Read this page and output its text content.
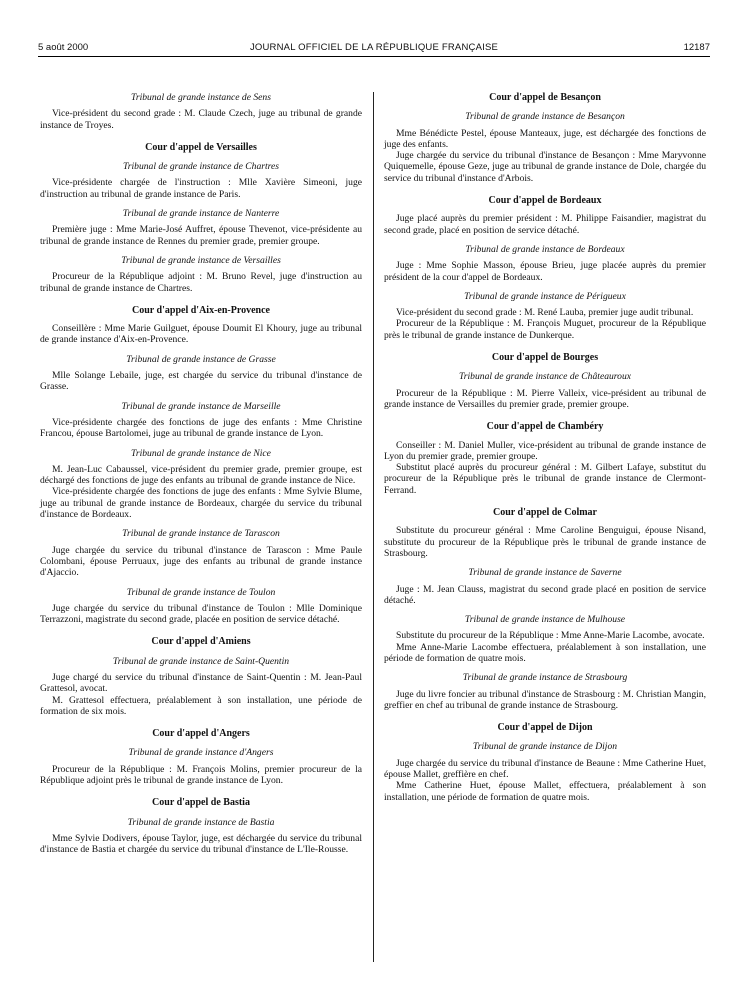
5 août 2000	JOURNAL OFFICIEL DE LA RÉPUBLIQUE FRANÇAISE	12187
Tribunal de grande instance de Sens
Vice-président du second grade : M. Claude Czech, juge au tribunal de grande instance de Troyes.
Cour d'appel de Versailles
Tribunal de grande instance de Chartres
Vice-présidente chargée de l'instruction : Mlle Xavière Simeoni, juge d'instruction au tribunal de grande instance de Paris.
Tribunal de grande instance de Nanterre
Première juge : Mme Marie-José Auffret, épouse Thevenot, vice-présidente au tribunal de grande instance de Rennes du premier grade, premier groupe.
Tribunal de grande instance de Versailles
Procureur de la République adjoint : M. Bruno Revel, juge d'instruction au tribunal de grande instance de Chartres.
Cour d'appel d'Aix-en-Provence
Conseillère : Mme Marie Guilguet, épouse Doumit El Khoury, juge au tribunal de grande instance d'Aix-en-Provence.
Tribunal de grande instance de Grasse
Mlle Solange Lebaile, juge, est chargée du service du tribunal d'instance de Grasse.
Tribunal de grande instance de Marseille
Vice-présidente chargée des fonctions de juge des enfants : Mme Christine Francou, épouse Bartolomei, juge au tribunal de grande instance de Lyon.
Tribunal de grande instance de Nice
M. Jean-Luc Cabaussel, vice-président du premier grade, premier groupe, est déchargé des fonctions de juge des enfants au tribunal de grande instance de Nice.
Vice-présidente chargée des fonctions de juge des enfants : Mme Sylvie Blume, juge au tribunal de grande instance de Bordeaux, chargée du service du tribunal d'instance de Bordeaux.
Tribunal de grande instance de Tarascon
Juge chargée du service du tribunal d'instance de Tarascon : Mme Paule Colombani, épouse Perruaux, juge des enfants au tribunal de grande instance d'Ajaccio.
Tribunal de grande instance de Toulon
Juge chargée du service du tribunal d'instance de Toulon : Mlle Dominique Terrazzoni, magistrate du second grade, placée en position de service détaché.
Cour d'appel d'Amiens
Tribunal de grande instance de Saint-Quentin
Juge chargé du service du tribunal d'instance de Saint-Quentin : M. Jean-Paul Grattesol, avocat.
M. Grattesol effectuera, préalablement à son installation, une période de formation de six mois.
Cour d'appel d'Angers
Tribunal de grande instance d'Angers
Procureur de la République : M. François Molins, premier procureur de la République adjoint près le tribunal de grande instance de Lyon.
Cour d'appel de Bastia
Tribunal de grande instance de Bastia
Mme Sylvie Dodivers, épouse Taylor, juge, est déchargée du service du tribunal d'instance de Bastia et chargée du service du tribunal d'instance de L'Ile-Rousse.
Cour d'appel de Besançon
Tribunal de grande instance de Besançon
Mme Bénédicte Pestel, épouse Manteaux, juge, est déchargée des fonctions de juge des enfants.
Juge chargée du service du tribunal d'instance de Besançon : Mme Maryvonne Quiquemelle, épouse Geze, juge au tribunal de grande instance de Dole, chargée du service du tribunal d'instance d'Arbois.
Cour d'appel de Bordeaux
Juge placé auprès du premier président : M. Philippe Faisandier, magistrat du second grade, placé en position de service détaché.
Tribunal de grande instance de Bordeaux
Juge : Mme Sophie Masson, épouse Brieu, juge placée auprès du premier président de la cour d'appel de Bordeaux.
Tribunal de grande instance de Périgueux
Vice-président du second grade : M. René Lauba, premier juge audit tribunal.
Procureur de la République : M. François Muguet, procureur de la République près le tribunal de grande instance de Dunkerque.
Cour d'appel de Bourges
Tribunal de grande instance de Châteauroux
Procureur de la République : M. Pierre Valleix, vice-président au tribunal de grande instance de Versailles du premier grade, premier groupe.
Cour d'appel de Chambéry
Conseiller : M. Daniel Muller, vice-président au tribunal de grande instance de Lyon du premier grade, premier groupe.
Substitut placé auprès du procureur général : M. Gilbert Lafaye, substitut du procureur de la République près le tribunal de grande instance de Clermont-Ferrand.
Cour d'appel de Colmar
Substitute du procureur général : Mme Caroline Benguigui, épouse Nisand, substitute du procureur de la République près le tribunal de grande instance de Strasbourg.
Tribunal de grande instance de Saverne
Juge : M. Jean Clauss, magistrat du second grade placé en position de service détaché.
Tribunal de grande instance de Mulhouse
Substitute du procureur de la République : Mme Anne-Marie Lacombe, avocate.
Mme Anne-Marie Lacombe effectuera, préalablement à son installation, une période de formation de quatre mois.
Tribunal de grande instance de Strasbourg
Juge du livre foncier au tribunal d'instance de Strasbourg : M. Christian Mangin, greffier en chef au tribunal de grande instance de Strasbourg.
Cour d'appel de Dijon
Tribunal de grande instance de Dijon
Juge chargée du service du tribunal d'instance de Beaune : Mme Catherine Huet, épouse Mallet, greffière en chef.
Mme Catherine Huet, épouse Mallet, effectuera, préalablement à son installation, une période de formation de quatre mois.
